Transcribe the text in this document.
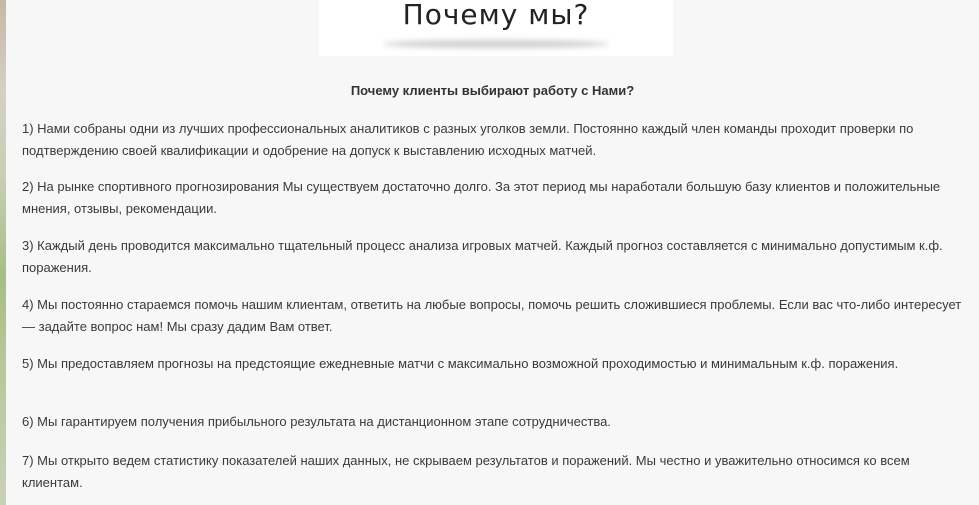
Почему мы?
Почему клиенты выбирают работу с Нами?

1) Нами собраны одни из лучших профессиональных аналитиков с разных уголков земли. Постоянно каждый член команды проходит проверки по подтверждению своей квалификации и одобрение на допуск к выставлению исходных матчей.

2) На рынке спортивного прогнозирования Мы существуем достаточно долго. За этот период мы наработали большую базу клиентов и положительные мнения, отзывы, рекомендации.

3) Каждый день проводится максимально тщательный процесс анализа игровых матчей. Каждый прогноз составляется с минимально допустимым к.ф. поражения.

4) Мы постоянно стараемся помочь нашим клиентам, ответить на любые вопросы, помочь решить сложившиеся проблемы. Если вас что-либо интересует — задайте вопрос нам! Мы сразу дадим Вам ответ.

5) Мы предоставляем прогнозы на предстоящие ежедневные матчи с максимально возможной проходимостью и минимальным к.ф. поражения.

6) Мы гарантируем получения прибыльного результата на дистанционном этапе сотрудничества.

7) Мы открыто ведем статистику показателей наших данных, не скрываем результатов и поражений. Мы честно и уважительно относимся ко всем клиентам.
